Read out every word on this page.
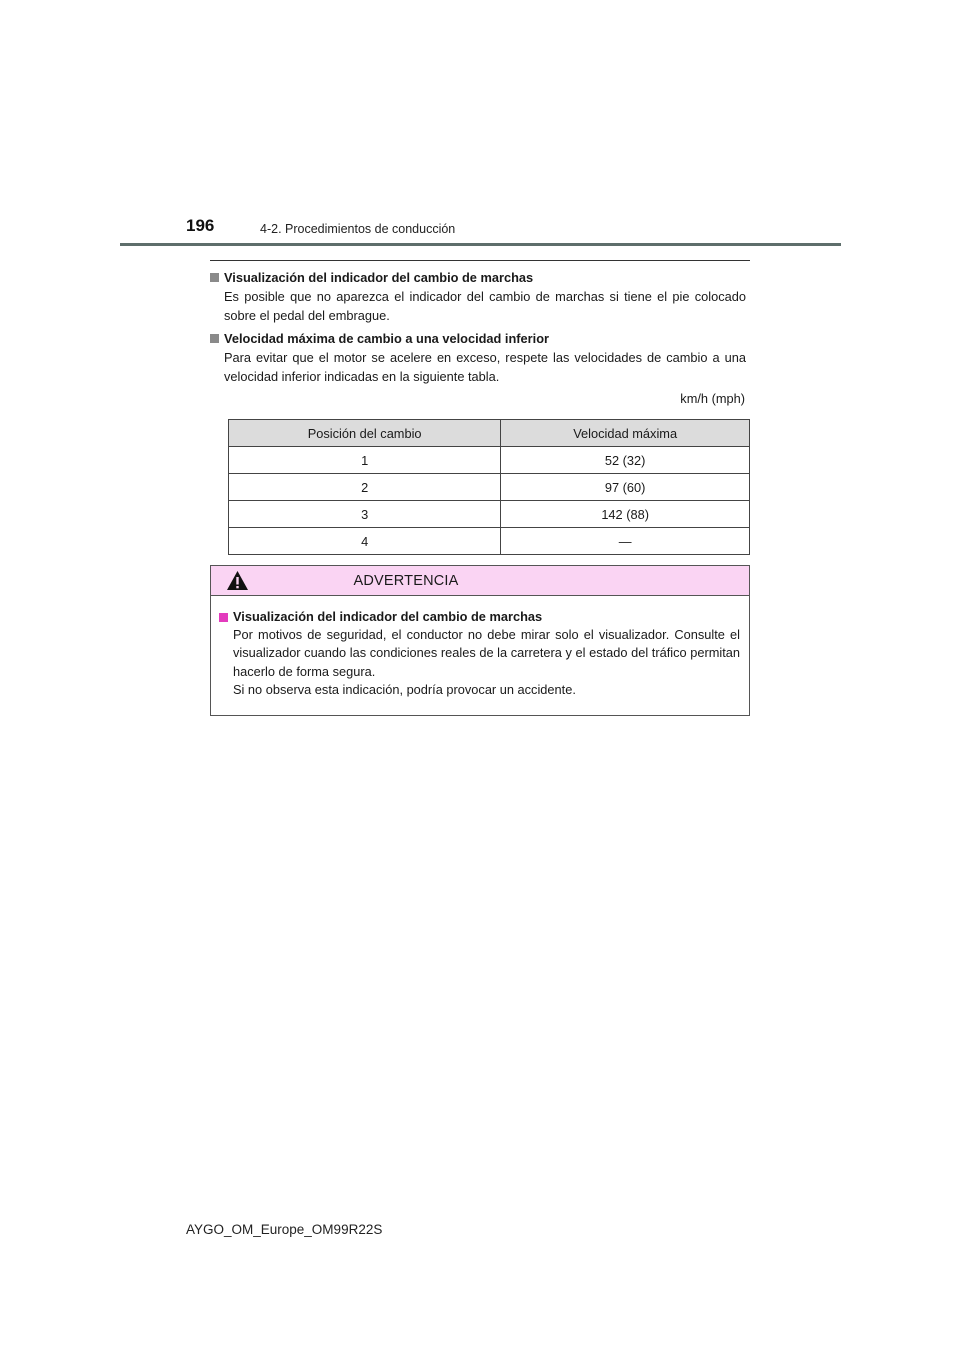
196	4-2. Procedimientos de conducción
Visualización del indicador del cambio de marchas
Es posible que no aparezca el indicador del cambio de marchas si tiene el pie colocado sobre el pedal del embrague.
Velocidad máxima de cambio a una velocidad inferior
Para evitar que el motor se acelere en exceso, respete las velocidades de cambio a una velocidad inferior indicadas en la siguiente tabla.
km/h (mph)
Posición del cambio	Velocidad máxima
1	52 (32)
2	97 (60)
3	142 (88)
4	—
ADVERTENCIA
Visualización del indicador del cambio de marchas
Por motivos de seguridad, el conductor no debe mirar solo el visualizador. Consulte el visualizador cuando las condiciones reales de la carretera y el estado del tráfico permitan hacerlo de forma segura.
Si no observa esta indicación, podría provocar un accidente.
AYGO_OM_Europe_OM99R22S
